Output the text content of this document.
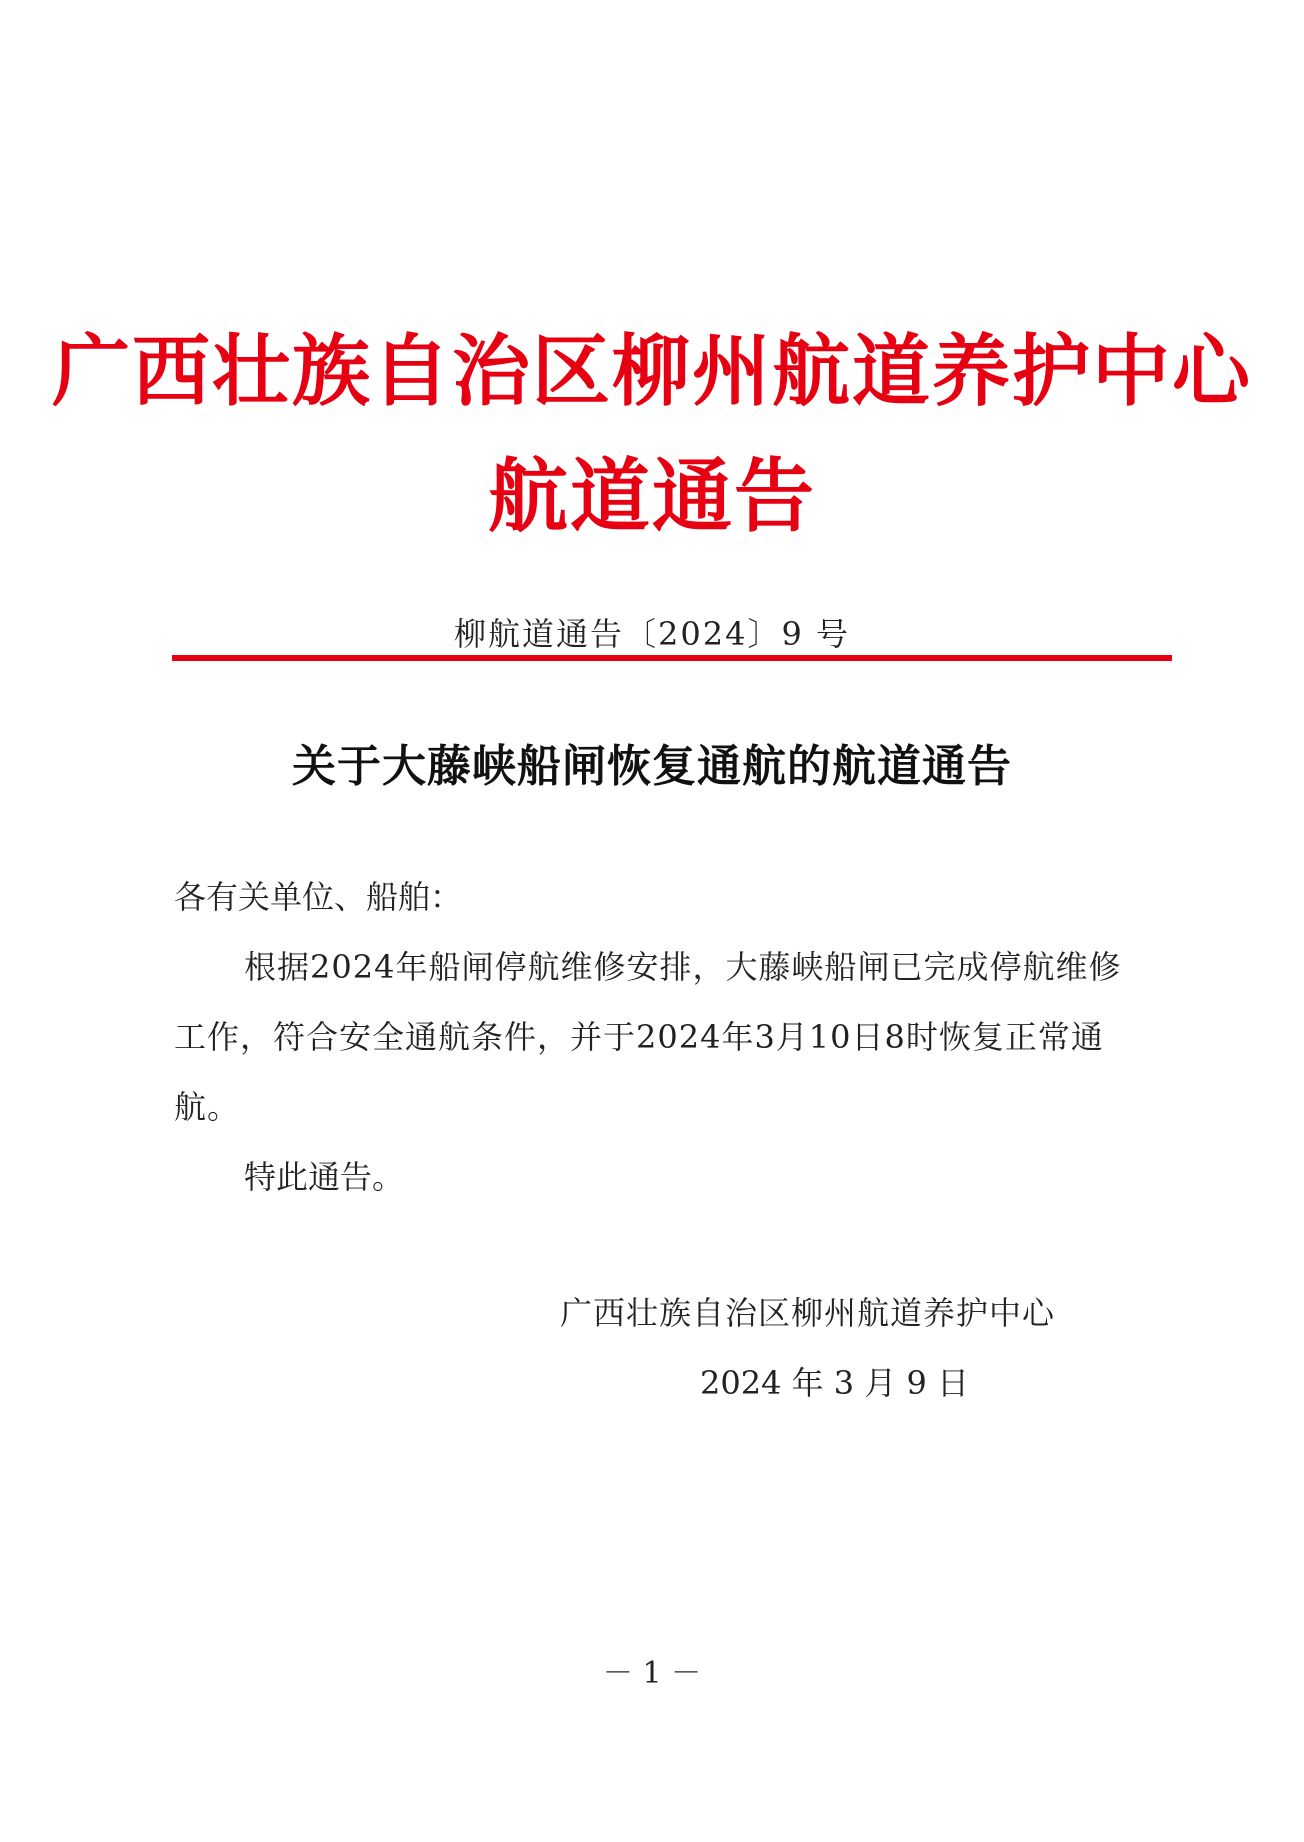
广西壮族自治区柳州航道养护中心
航道通告
柳航道通告〔2024〕9 号
关于大藤峡船闸恢复通航的航道通告
各有关单位、船舶：
根据2024年船闸停航维修安排，大藤峡船闸已完成停航维修工作，符合安全通航条件，并于2024年3月10日8时恢复正常通航。
特此通告。
广西壮族自治区柳州航道养护中心
2024 年 3 月 9 日
－ 1 －
